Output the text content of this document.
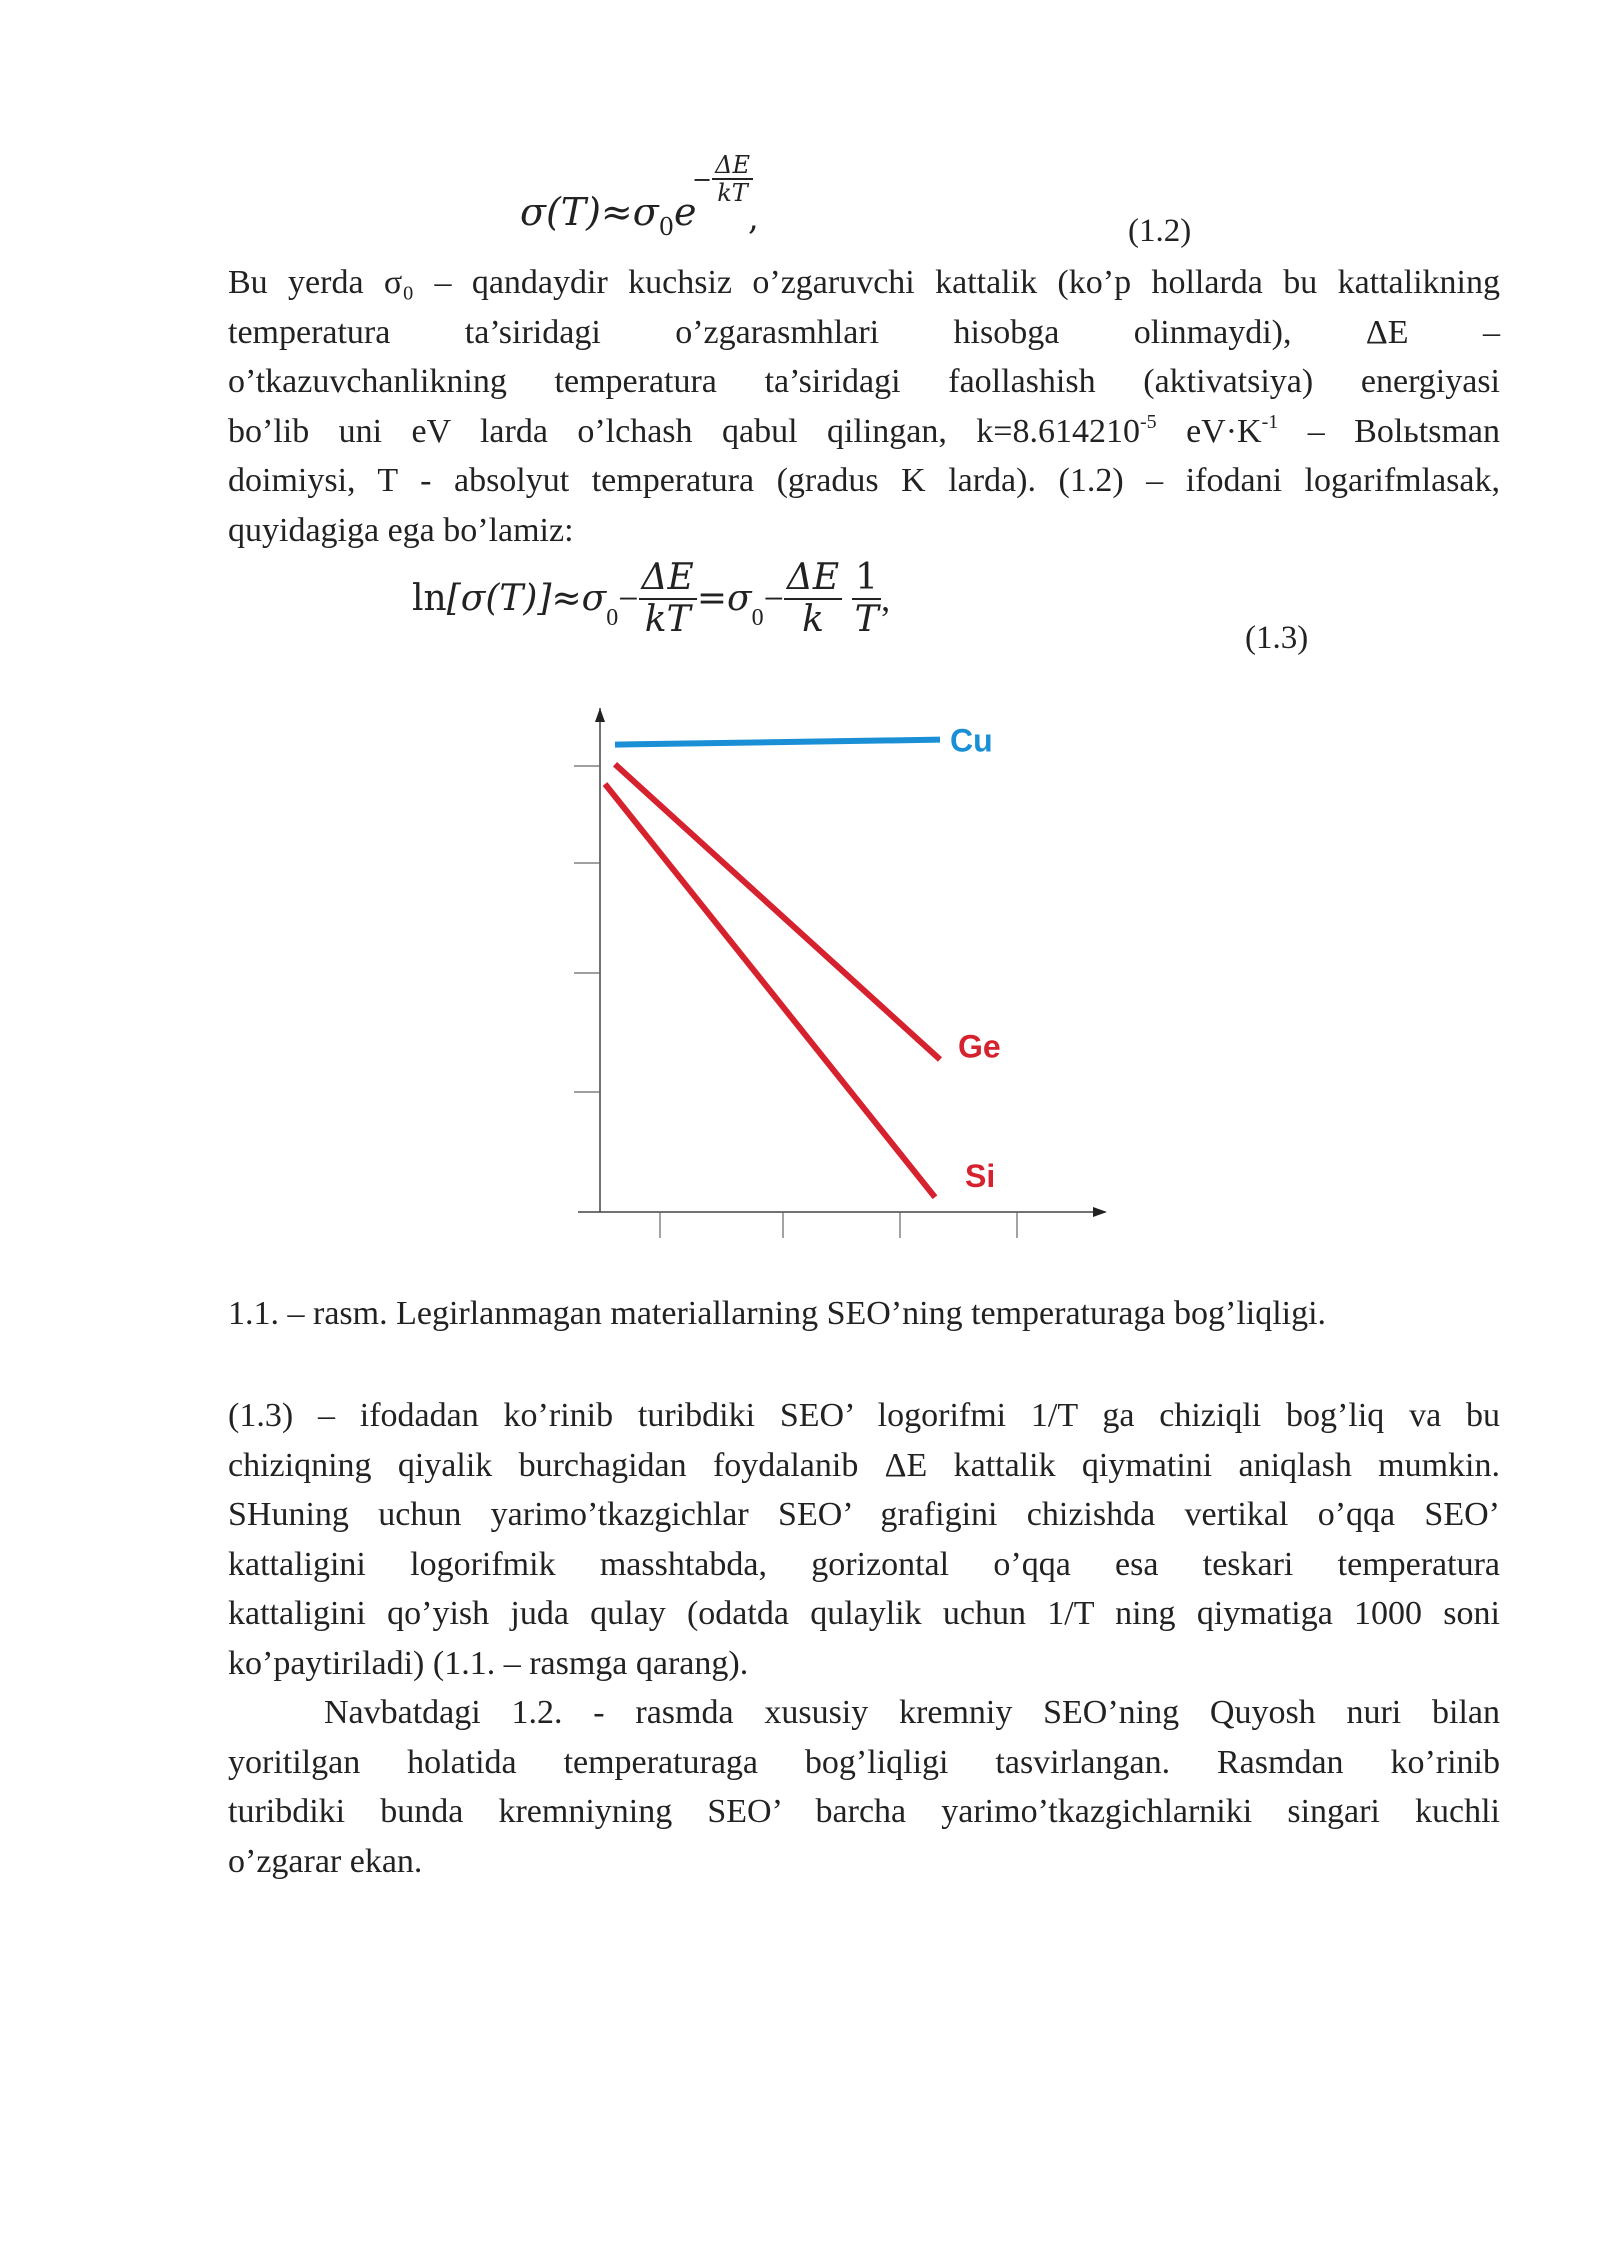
$\sigma(T)\approx\sigma_0e$
− $\frac{\Delta E}{kT}$
,	(1.2)
Bu yerda σ₀ – qandaydir kuchsiz o’zgaruvchi kattalik (ko’p hollarda bu kattalikning
temperatura ta’siridagi o’zgarasmhlari hisobga olinmaydi), ΔE –
o’tkazuvchanlikning temperatura ta’siridagi faollashish (aktivatsiya) energiyasi
bo’lib uni eV larda o’lchash qabul qilingan, $k=8.614210^{-5}$ $eV\cdot K^{-1}$ – Bolьtsman
doimiysi, T - absolyut temperatura (gradus K larda). (1.2) – ifodani logarifmlasak,
quyidagiga ega bo’lamiz:
$\ln[\sigma(T)]\approx\sigma_0- \frac{\Delta E}{kT} =\sigma_0- \frac{\Delta E}{k} \frac{1}{T}$ ,
(1.3)
Cu
Ge
Si
1.1. – rasm. Legirlanmagan materiallarning SEO’ning temperaturaga bog’liqligi.
(1.3) – ifodadan ko’rinib turibdiki SEO’ logorifmi 1/T ga chiziqli bog’liq va bu
chiziqning qiyalik burchagidan foydalanib ΔE kattalik qiymatini aniqlash mumkin.
SHuning uchun yarimo’tkazgichlar SEO’ grafigini chizishda vertikal o’qqa SEO’
kattaligini logorifmik masshtabda, gorizontal o’qqa esa teskari temperatura
kattaligini qo’yish juda qulay (odatda qulaylik uchun 1/T ning qiymatiga 1000 soni
ko’paytiriladi) (1.1. – rasmga qarang).
Navbatdagi 1.2. - rasmda xususiy kremniy SEO’ning Quyosh nuri bilan
yoritilgan holatida temperaturaga bog’liqligi tasvirlangan. Rasmdan ko’rinib
turibdiki bunda kremniyning SEO’ barcha yarimo’tkazgichlarniki singari kuchli
o’zgarar ekan.
